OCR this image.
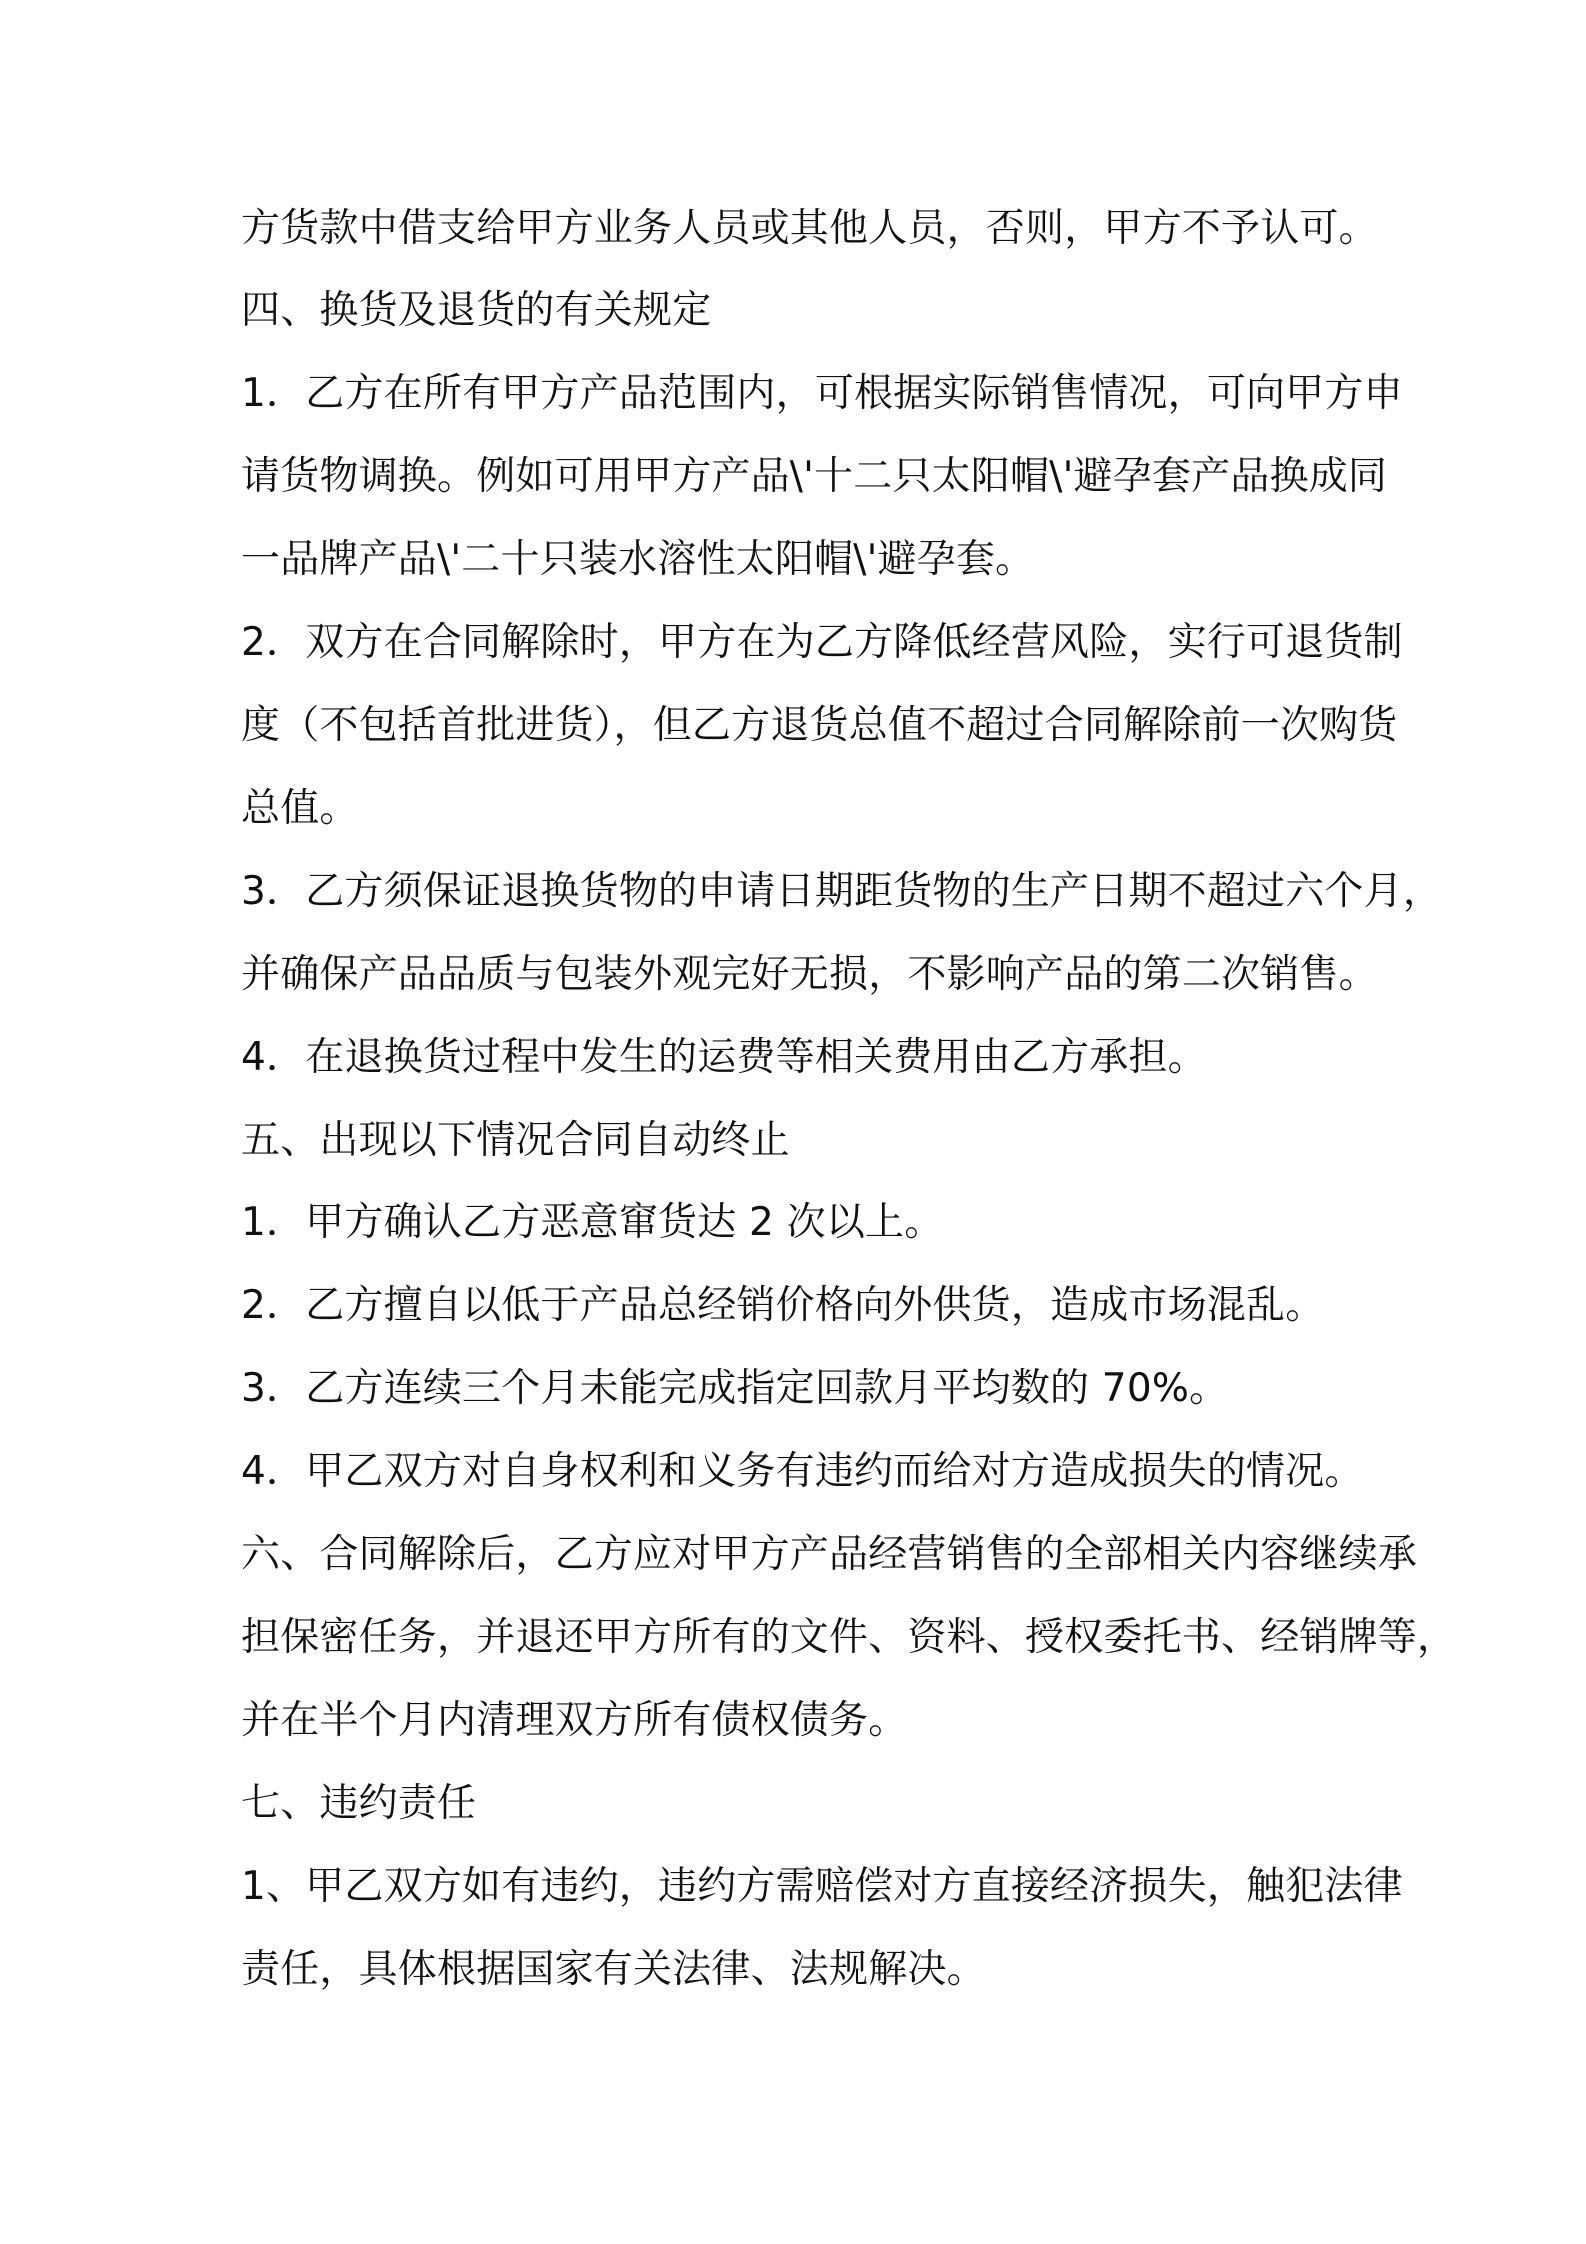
方货款中借支给甲方业务人员或其他人员，否则，甲方不予认可。
四、换货及退货的有关规定
1．乙方在所有甲方产品范围内，可根据实际销售情况，可向甲方申
请货物调换。例如可用甲方产品\'十二只太阳帽\'避孕套产品换成同
一品牌产品\'二十只装水溶性太阳帽\'避孕套。
2．双方在合同解除时，甲方在为乙方降低经营风险，实行可退货制
度（不包括首批进货），但乙方退货总值不超过合同解除前一次购货
总值。
3．乙方须保证退换货物的申请日期距货物的生产日期不超过六个月，
并确保产品品质与包装外观完好无损，不影响产品的第二次销售。
4．在退换货过程中发生的运费等相关费用由乙方承担。
五、出现以下情况合同自动终止
1．甲方确认乙方恶意窜货达 2 次以上。
2．乙方擅自以低于产品总经销价格向外供货，造成市场混乱。
3．乙方连续三个月未能完成指定回款月平均数的 70%。
4．甲乙双方对自身权利和义务有违约而给对方造成损失的情况。
六、合同解除后，乙方应对甲方产品经营销售的全部相关内容继续承
担保密任务，并退还甲方所有的文件、资料、授权委托书、经销牌等，
并在半个月内清理双方所有债权债务。
七、违约责任
1、甲乙双方如有违约，违约方需赔偿对方直接经济损失，触犯法律
责任，具体根据国家有关法律、法规解决。
